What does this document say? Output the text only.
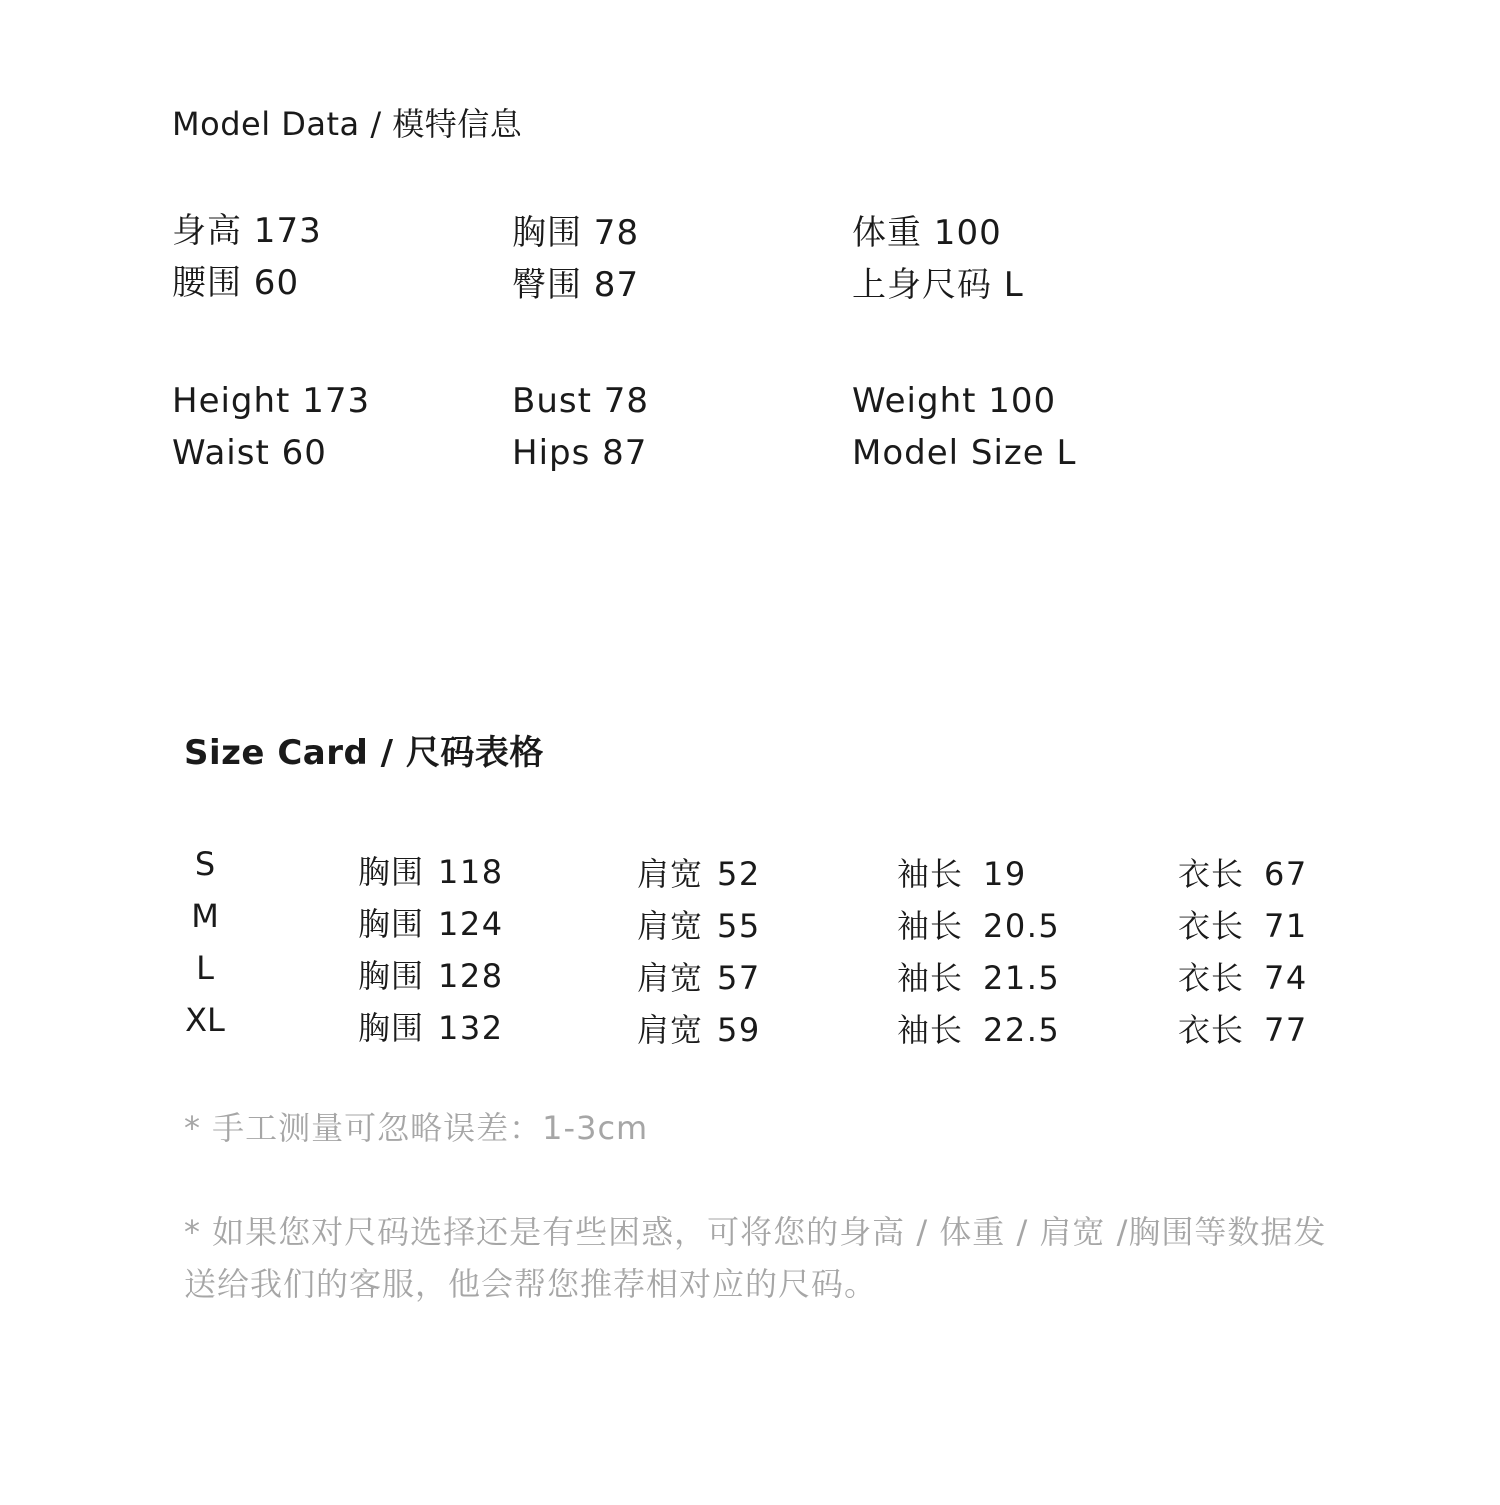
Model Data / 模特信息
身高 173	胸围 78	体重 100
腰围 60	臀围 87	上身尺码 L
Height 173	Bust 78	Weight 100
Waist 60	Hips 87	Model Size L
Size Card / 尺码表格
S	胸围 118	肩宽 52	袖长 19	衣长 67
M	胸围 124	肩宽 55	袖长 20.5	衣长 71
L	胸围 128	肩宽 57	袖长 21.5	衣长 74
XL	胸围 132	肩宽 59	袖长 22.5	衣长 77
* 手工测量可忽略误差：1-3cm
* 如果您对尺码选择还是有些困惑，可将您的身高 / 体重 / 肩宽 /胸围等数据发送给我们的客服，他会帮您推荐相对应的尺码。
